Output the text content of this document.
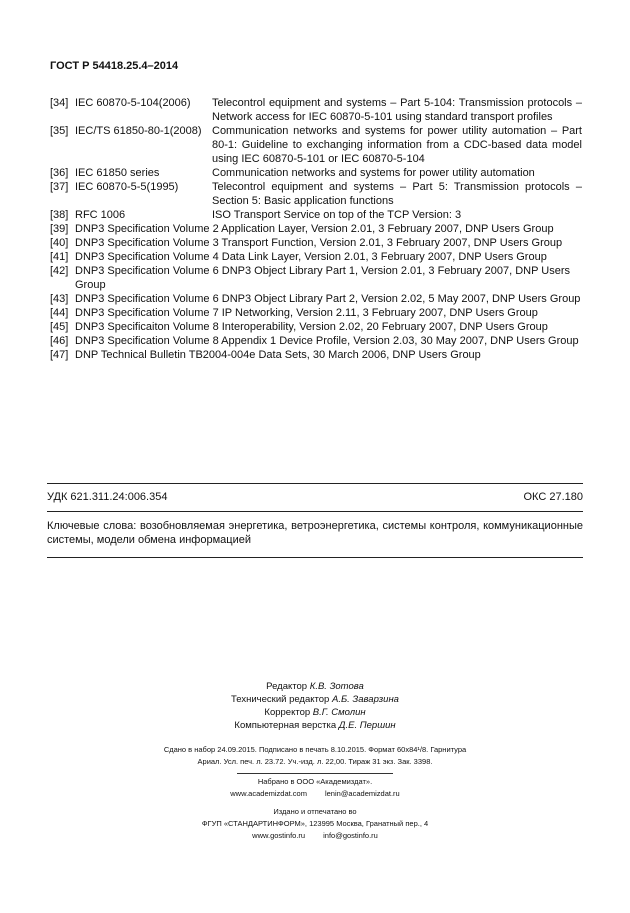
ГОСТ Р 54418.25.4–2014
[34] IEC 60870-5-104(2006) Telecontrol equipment and systems – Part 5-104: Transmission protocols – Network access for IEC 60870-5-101 using standard transport profiles
[35] IEC/TS 61850-80-1(2008) Communication networks and systems for power utility automation – Part 80-1: Guideline to exchanging information from a CDC-based data model using IEC 60870-5-101 or IEC 60870-5-104
[36] IEC 61850 series	Communication networks and systems for power utility automation
[37] IEC 60870-5-5(1995)	Telecontrol equipment and systems – Part 5: Transmission protocols – Section 5: Basic application functions
[38] RFC 1006	ISO Transport Service on top of the TCP Version: 3
[39] DNP3 Specification Volume 2 Application Layer, Version 2.01, 3 February 2007, DNP Users Group
[40] DNP3 Specification Volume 3 Transport Function, Version 2.01, 3 February 2007, DNP Users Group
[41] DNP3 Specification Volume 4 Data Link Layer, Version 2.01, 3 February 2007, DNP Users Group
[42] DNP3 Specification Volume 6 DNP3 Object Library Part 1, Version 2.01, 3 February 2007, DNP Users Group
[43] DNP3 Specification Volume 6 DNP3 Object Library Part 2, Version 2.02, 5 May 2007, DNP Users Group
[44] DNP3 Specification Volume 7 IP Networking, Version 2.11, 3 February 2007, DNP Users Group
[45] DNP3 Specificaiton Volume 8 Interoperability, Version 2.02, 20 February 2007, DNP Users Group
[46] DNP3 Specification Volume 8 Appendix 1 Device Profile, Version 2.03, 30 May 2007, DNP Users Group
[47] DNP Technical Bulletin TB2004-004e Data Sets, 30 March 2006, DNP Users Group
УДК 621.311.24:006.354	ОКС 27.180
Ключевые слова: возобновляемая энергетика, ветроэнергетика, системы контроля, коммуникационные системы, модели обмена информацией
Редактор К.В. Зотова
Технический редактор А.Б. Заварзина
Корректор В.Г. Смолин
Компьютерная верстка Д.Е. Першин
Сдано в набор 24.09.2015. Подписано в печать 8.10.2015. Формат 60x84¹/8. Гарнитура
Ариал. Усл. печ. л. 23.72. Уч.-изд. л. 22,00. Тираж 31 экз. Зак. 3398.
Набрано в ООО «Академиздат».
www.academizdat.com lenin@academizdat.ru
Издано и отпечатано во
ФГУП «СТАНДАРТИНФОРМ», 123995 Москва, Гранатный пер., 4
www.gostinfo.ru info@gostinfo.ru
